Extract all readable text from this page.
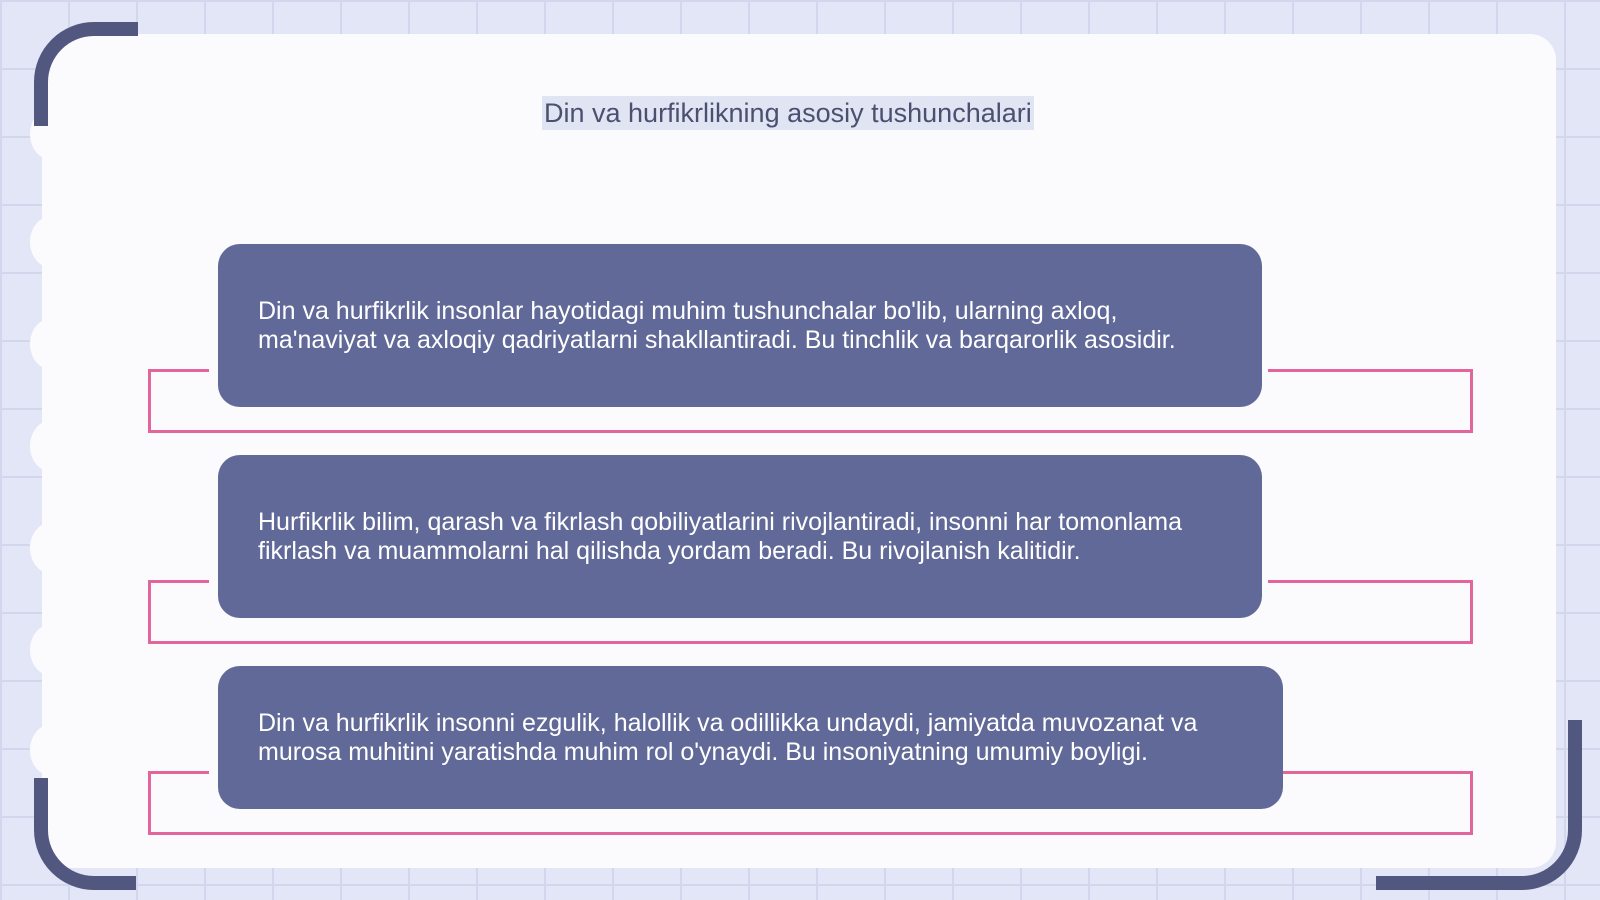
Din va hurfikrlikning asosiy tushunchalari

Din va hurfikrlik insonlar hayotidagi muhim tushunchalar bo'lib, ularning axloq, ma'naviyat va axloqiy qadriyatlarni shakllantiradi. Bu tinchlik va barqarorlik asosidir.

Hurfikrlik bilim, qarash va fikrlash qobiliyatlarini rivojlantiradi, insonni har tomonlama fikrlash va muammolarni hal qilishda yordam beradi. Bu rivojlanish kalitidir.

Din va hurfikrlik insonni ezgulik, halollik va odillikka undaydi, jamiyatda muvozanat va murosa muhitini yaratishda muhim rol o'ynaydi. Bu insoniyatning umumiy boyligi.
